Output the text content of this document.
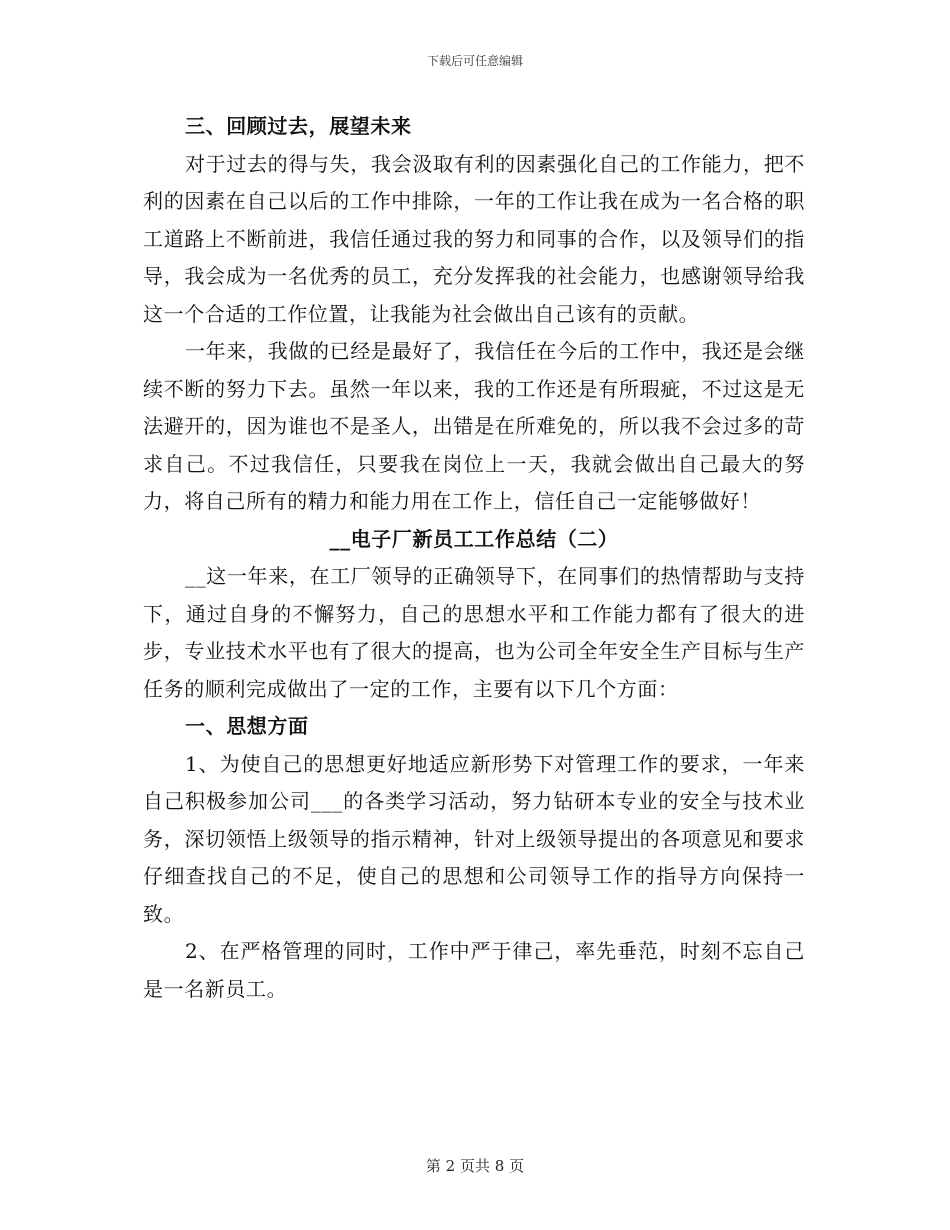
下载后可任意编辑

三、回顾过去，展望未来

对于过去的得与失，我会汲取有利的因素强化自己的工作能力，把不利的因素在自己以后的工作中排除，一年的工作让我在成为一名合格的职工道路上不断前进，我信任通过我的努力和同事的合作，以及领导们的指导，我会成为一名优秀的员工，充分发挥我的社会能力，也感谢领导给我这一个合适的工作位置，让我能为社会做出自己该有的贡献。

一年来，我做的已经是最好了，我信任在今后的工作中，我还是会继续不断的努力下去。虽然一年以来，我的工作还是有所瑕疵，不过这是无法避开的，因为谁也不是圣人，出错是在所难免的，所以我不会过多的苛求自己。不过我信任，只要我在岗位上一天，我就会做出自己最大的努力，将自己所有的精力和能力用在工作上，信任自己一定能够做好！

__电子厂新员工工作总结（二）

__这一年来，在工厂领导的正确领导下，在同事们的热情帮助与支持下，通过自身的不懈努力，自己的思想水平和工作能力都有了很大的进步，专业技术水平也有了很大的提高，也为公司全年安全生产目标与生产任务的顺利完成做出了一定的工作，主要有以下几个方面：

一、思想方面

1、为使自己的思想更好地适应新形势下对管理工作的要求，一年来自己积极参加公司___的各类学习活动，努力钻研本专业的安全与技术业务，深切领悟上级领导的指示精神，针对上级领导提出的各项意见和要求仔细查找自己的不足，使自己的思想和公司领导工作的指导方向保持一致。

2、在严格管理的同时，工作中严于律己，率先垂范，时刻不忘自己是一名新员工。

第 2 页共 8 页
